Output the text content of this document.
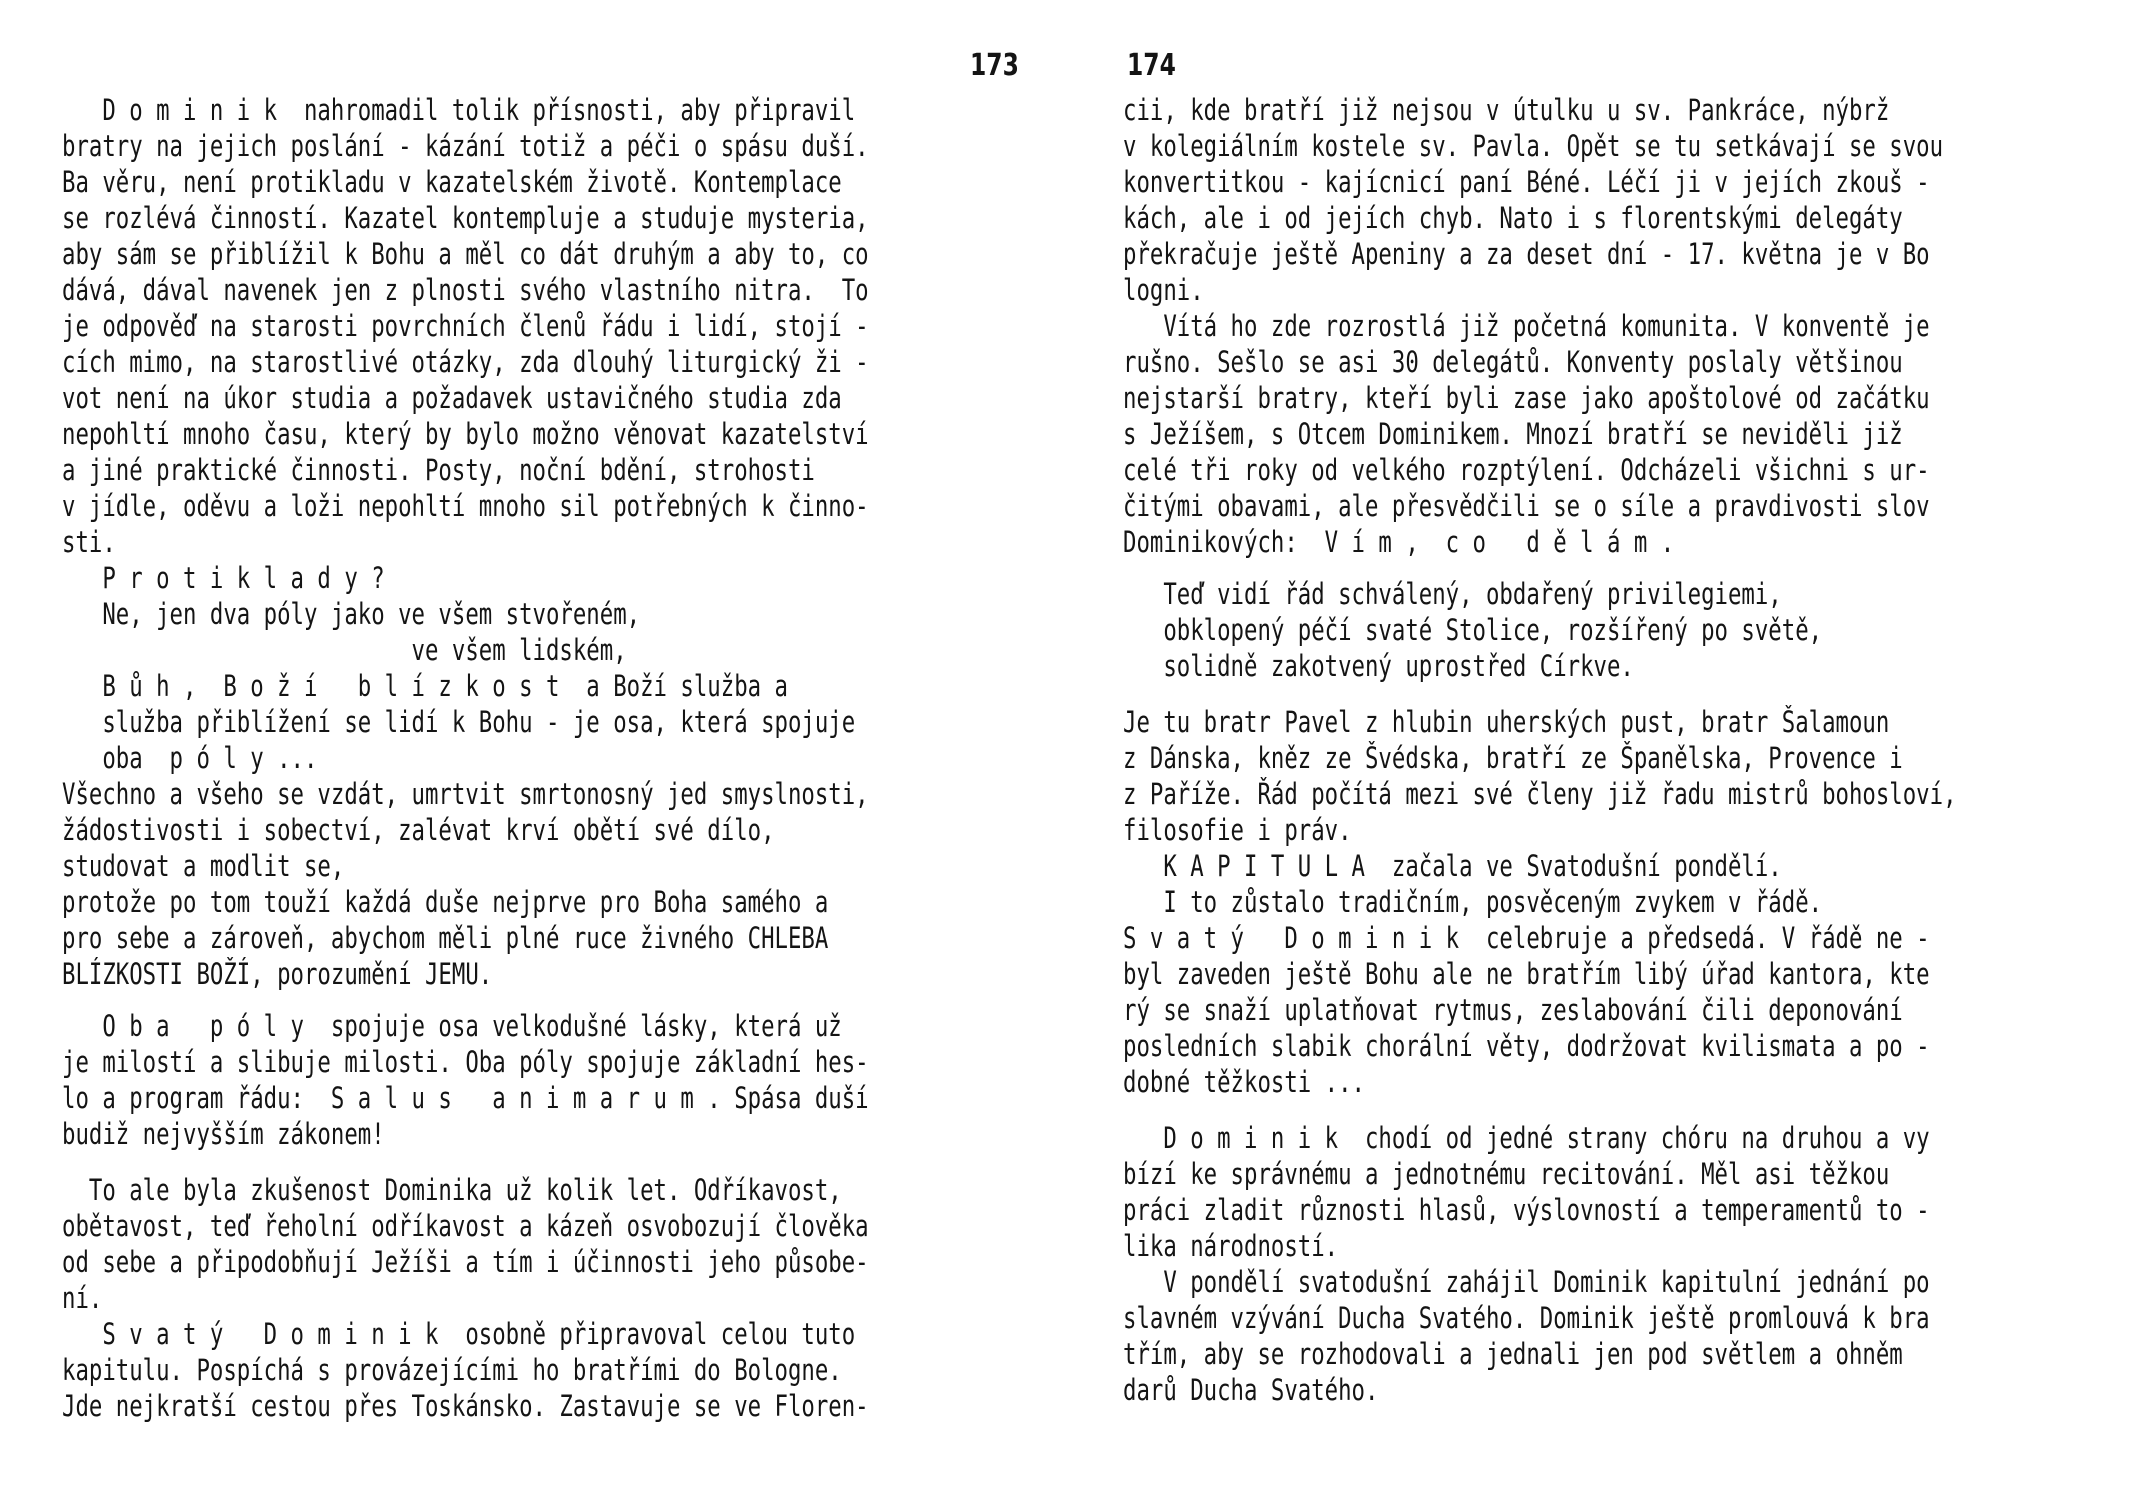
173
D o m i n i k  nahromadil tolik přísnosti, aby připravil
bratry na jejich poslání - kázání totiž a péči o spásu duší.
Ba věru, není protikladu v kazatelském životě. Kontemplace
se rozlévá činností. Kazatel kontempluje a studuje mysteria,
aby sám se přiblížil k Bohu a měl co dát druhým a aby to, co
dává, dával navenek jen z plnosti svého vlastního nitra.  To
je odpověď na starosti povrchních členů řádu i lidí, stojí -
cích mimo, na starostlivé otázky, zda dlouhý liturgický ži -
vot není na úkor studia a požadavek ustavičného studia zda
nepohltí mnoho času, který by bylo možno věnovat kazatelství
a jiné praktické činnosti. Posty, noční bdění, strohosti
v jídle, oděvu a loži nepohltí mnoho sil potřebných k činno-
sti.
P r o t i k l a d y ?
Ne, jen dva póly jako ve všem stvořeném,
ve všem lidském,
B ů h ,  B o ž í   b l í z k o s t  a Boží služba a
služba přiblížení se lidí k Bohu - je osa, která spojuje
oba  p ó l y ...
Všechno a všeho se vzdát, umrtvit smrtonosný jed smyslnosti,
žádostivosti i sobectví, zalévat krví obětí své dílo,
studovat a modlit se,
protože po tom touží každá duše nejprve pro Boha samého a
pro sebe a zároveň, abychom měli plné ruce živného CHLEBA
BLÍZKOSTI BOŽÍ, porozumění JEMU.
O b a   p ó l y  spojuje osa velkodušné lásky, která už
je milostí a slibuje milosti. Oba póly spojuje základní hes-
lo a program řádu:  S a l u s   a n i m a r u m . Spása duší
budiž nejvyšším zákonem!
To ale byla zkušenost Dominika už kolik let. Odříkavost,
obětavost, teď řeholní odříkavost a kázeň osvobozují člověka
od sebe a připodobňují Ježíši a tím i účinnosti jeho působe-
ní.
S v a t ý   D o m i n i k  osobně připravoval celou tuto
kapitulu. Pospíchá s provázejícími ho bratřími do Bologne.
Jde nejkratší cestou přes Toskánsko. Zastavuje se ve Floren-
174
cii, kde bratří již nejsou v útulku u sv. Pankráce, nýbrž
v kolegiálním kostele sv. Pavla. Opět se tu setkávají se svou
konvertitkou - kajícnicí paní Béné. Léčí ji v jejích zkouš -
kách, ale i od jejích chyb. Nato i s florentskými delegáty
překračuje ještě Apeniny a za deset dní - 17. května je v Bo
logni.
Vítá ho zde rozrostlá již početná komunita. V konventě je
rušno. Sešlo se asi 30 delegátů. Konventy poslaly většinou
nejstarší bratry, kteří byli zase jako apoštolové od začátku
s Ježíšem, s Otcem Dominikem. Mnozí bratří se neviděli již
celé tři roky od velkého rozptýlení. Odcházeli všichni s ur-
čitými obavami, ale přesvědčili se o síle a pravdivosti slov
Dominikových:  V í m ,  c o   d ě l á m .
Teď vidí řád schválený, obdařený privilegiemi,
obklopený péčí svaté Stolice, rozšířený po světě,
solidně zakotvený uprostřed Církve.
Je tu bratr Pavel z hlubin uherských pust, bratr Šalamoun
z Dánska, kněz ze Švédska, bratří ze Španělska, Provence i
z Paříže. Řád počítá mezi své členy již řadu mistrů bohosloví,
filosofie i práv.
K A P I T U L A  začala ve Svatodušní pondělí.
I to zůstalo tradičním, posvěceným zvykem v řádě.
S v a t ý   D o m i n i k  celebruje a předsedá. V řádě ne -
byl zaveden ještě Bohu ale ne bratřím libý úřad kantora, kte
rý se snaží uplatňovat rytmus, zeslabování čili deponování
posledních slabik chorální věty, dodržovat kvilismata a po -
dobné těžkosti ...
D o m i n i k  chodí od jedné strany chóru na druhou a vy
bízí ke správnému a jednotnému recitování. Měl asi těžkou
práci zladit různosti hlasů, výslovností a temperamentů to -
lika národností.
V pondělí svatodušní zahájil Dominik kapitulní jednání po
slavném vzývání Ducha Svatého. Dominik ještě promlouvá k bra
třím, aby se rozhodovali a jednali jen pod světlem a ohněm
darů Ducha Svatého.
